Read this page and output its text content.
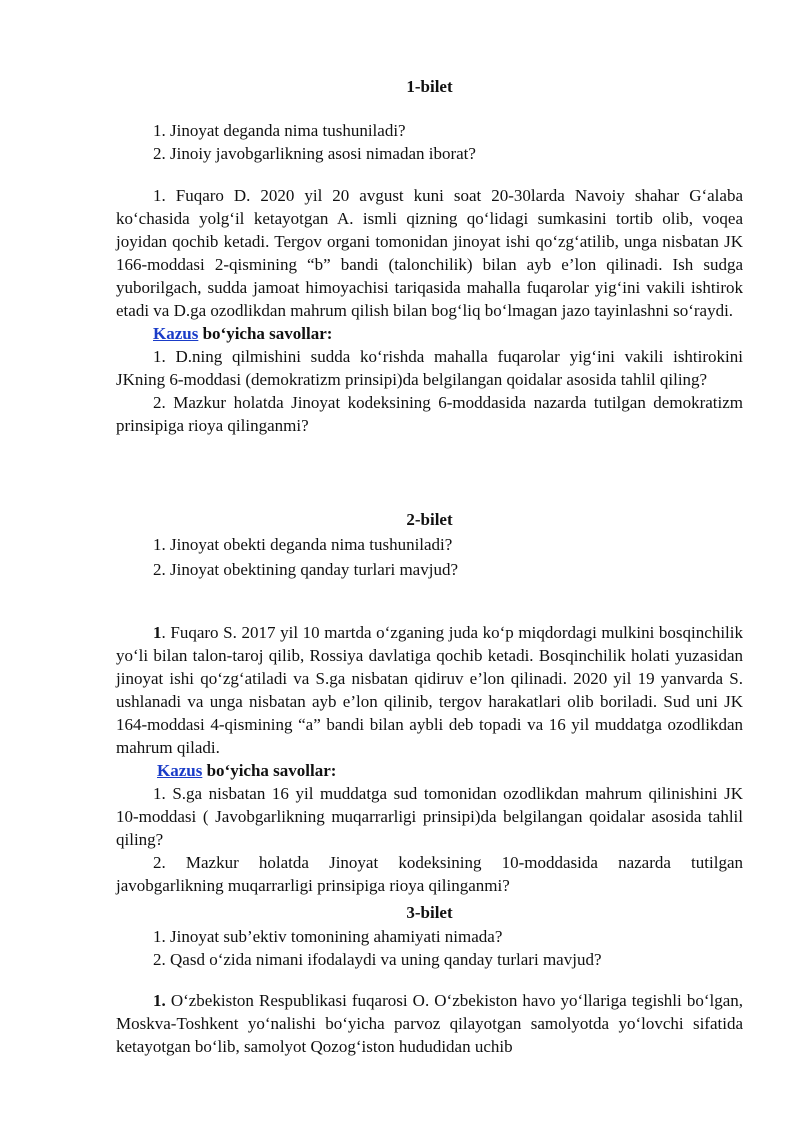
1-bilet

1. Jinoyat deganda nima tushuniladi?

2. Jinoiy javobgarlikning asosi nimadan iborat?

1. Fuqaro D. 2020 yil 20 avgust kuni soat 20-30larda Navoiy shahar G‘alaba ko‘chasida yolg‘il ketayotgan A. ismli qizning qo‘lidagi sumkasini tortib olib, voqea joyidan qochib ketadi. Tergov organi tomonidan jinoyat ishi qo‘zg‘atilib, unga nisbatan JK 166-moddasi 2-qismining “b” bandi (talonchilik) bilan ayb e’lon qilinadi. Ish sudga yuborilgach, sudda jamoat himoyachisi tariqasida mahalla fuqarolar yig‘ini vakili ishtirok etadi va D.ga ozodlikdan mahrum qilish bilan bog‘liq bo‘lmagan jazo tayinlashni so‘raydi.

Kazus bo‘yicha savollar:

1. D.ning qilmishini sudda ko‘rishda mahalla fuqarolar yig‘ini vakili ishtirokini JKning 6-moddasi (demokratizm prinsipi)da belgilangan qoidalar asosida tahlil qiling?

2. Mazkur holatda Jinoyat kodeksining 6-moddasida nazarda tutilgan demokratizm prinsipiga rioya qilinganmi?

2-bilet

1. Jinoyat obekti deganda nima tushuniladi?

2. Jinoyat obektining qanday turlari mavjud?

1. Fuqaro S. 2017 yil 10 martda o‘zganing juda ko‘p miqdordagi mulkini bosqinchilik yo‘li bilan talon-taroj qilib, Rossiya davlatiga qochib ketadi. Bosqinchilik holati yuzasidan jinoyat ishi qo‘zg‘atiladi va S.ga nisbatan qidiruv e’lon qilinadi. 2020 yil 19 yanvarda S. ushlanadi va unga nisbatan ayb e’lon qilinib, tergov harakatlari olib boriladi. Sud uni JK 164-moddasi 4-qismining “a” bandi bilan aybli deb topadi va 16 yil muddatga ozodlikdan mahrum qiladi.

Kazus bo‘yicha savollar:

1. S.ga nisbatan 16 yil muddatga sud tomonidan ozodlikdan mahrum qilinishini JK 10-moddasi ( Javobgarlikning muqarrarligi prinsipi)da belgilangan qoidalar asosida tahlil qiling?

2. Mazkur holatda Jinoyat kodeksining 10-moddasida nazarda tutilgan javobgarlikning muqarrarligi prinsipiga rioya qilinganmi?

3-bilet

1. Jinoyat sub’ektiv tomonining ahamiyati nimada?

2. Qasd o‘zida nimani ifodalaydi va uning qanday turlari mavjud?

1. O‘zbekiston Respublikasi fuqarosi O. O‘zbekiston havo yo‘llariga tegishli bo‘lgan, Moskva-Toshkent yo‘nalishi bo‘yicha parvoz qilayotgan samolyotda yo‘lovchi sifatida ketayotgan bo‘lib, samolyot Qozog‘iston hududidan uchib
